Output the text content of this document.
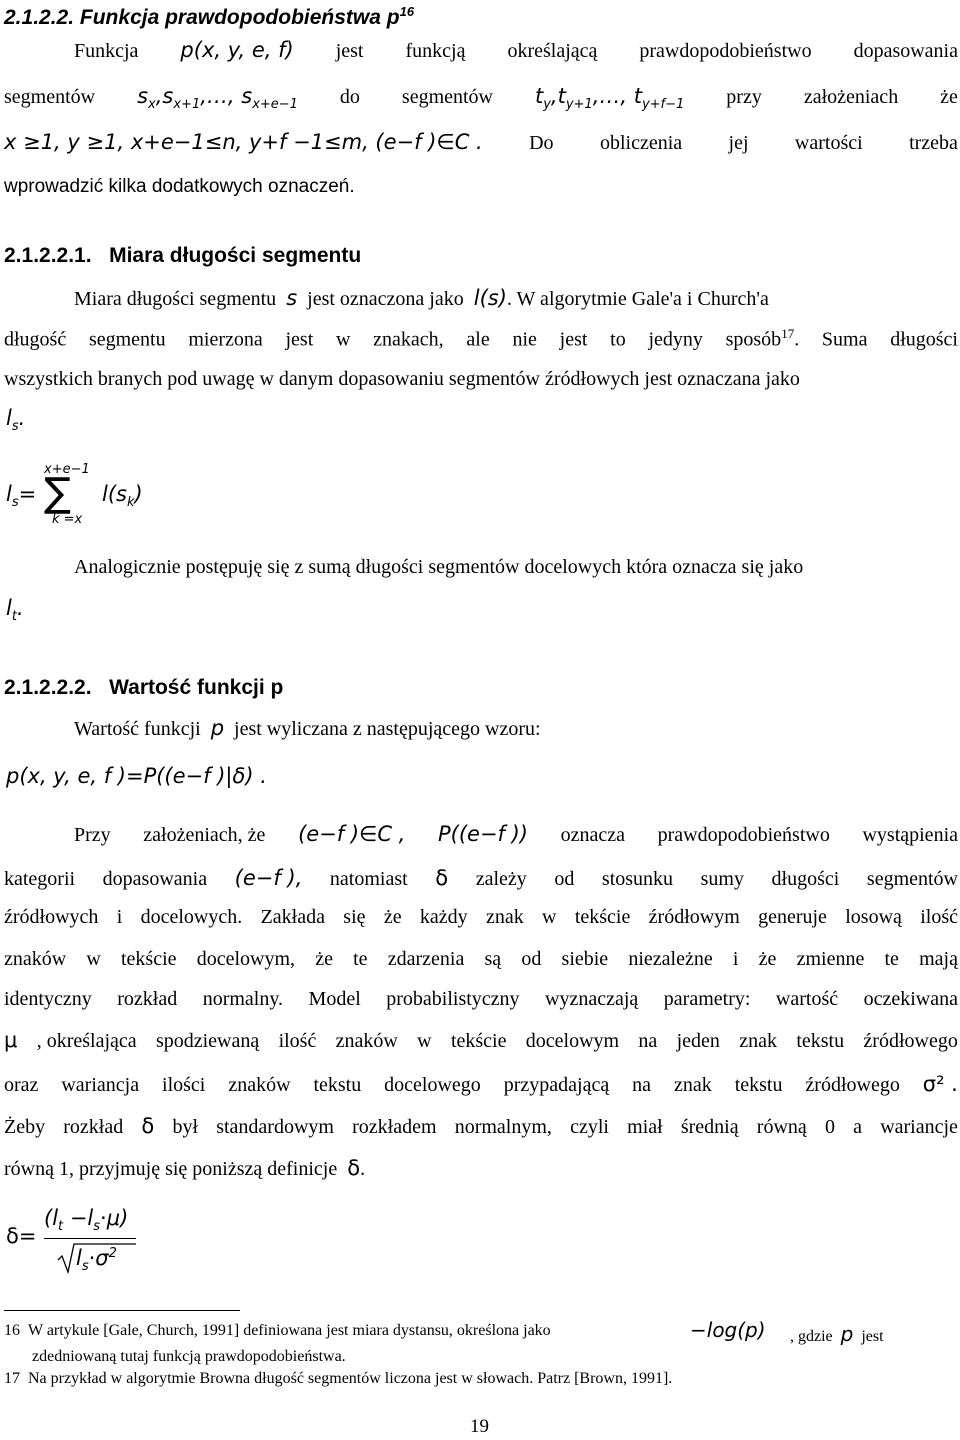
2.1.2.2. Funkcja prawdopodobieństwa $p^{16}$
Funkcja p(x, y, e, f) jest funkcją określającą prawdopodobieństwo dopasowania
segmentów $s_x,s_{x+1},\dots$, $s_{x+e-1}$ do segmentów $t_y,t_{y+1},\dots$, $t_{y+f-1}$ przy założeniach że
x ≥1, y ≥1, x+e−1≤n, y+f −1≤m, (e−f )∈C . Do obliczenia jej wartości trzeba
wprowadzić kilka dodatkowych oznaczeń.
2.1.2.2.1. Miara długości segmentu
Miara długości segmentu s jest oznaczona jako l(s). W algorytmie Gale'a i Church'a
długość segmentu mierzona jest w znakach, ale nie jest to jedyny sposób$^{17}$. Suma długości
wszystkich branych pod uwagę w danym dopasowaniu segmentów źródłowych jest oznaczana jako
$l_s$.
$l_s=$
x+e−1
∑
k =x
$l(s_k)$
Analogicznie postępuję się z sumą długości segmentów docelowych która oznacza się jako
$l_t$.
2.1.2.2.2. Wartość funkcji p
Wartość funkcji p jest wyliczana z następującego wzoru:
p(x, y, e, f )=P((e−f )|δ) .
Przy założeniach, że (e−f )∈C , P((e−f )) oznacza prawdopodobieństwo wystąpienia
kategorii dopasowania (e−f ), natomiast δ zależy od stosunku sumy długości segmentów
źródłowych i docelowych. Zakłada się że każdy znak w tekście źródłowym generuje losową ilość
znaków w tekście docelowym, że te zdarzenia są od siebie niezależne i że zmienne te mają
identyczny rozkład normalny. Model probabilistyczny wyznaczają parametry: wartość oczekiwana
μ , określająca spodziewaną ilość znaków w tekście docelowym na jeden znak tekstu źródłowego
oraz wariancja ilości znaków tekstu docelowego przypadającą na znak tekstu źródłowego σ² .
Żeby rozkład δ był standardowym rozkładem normalnym, czyli miał średnią równą 0 a wariancje
równą 1, przyjmuję się poniższą definicje δ.
δ=
$(l_t -l_s\cdot\mu)$
$l_s\cdot\sigma^2$
16 W artykule [Gale, Church, 1991] definiowana jest miara dystansu, określona jako	−log(p) , gdzie p jest
zdedniowaną tutaj funkcją prawdopodobieństwa.
17 Na przykład w algorytmie Browna długość segmentów liczona jest w słowach. Patrz [Brown, 1991].
19
